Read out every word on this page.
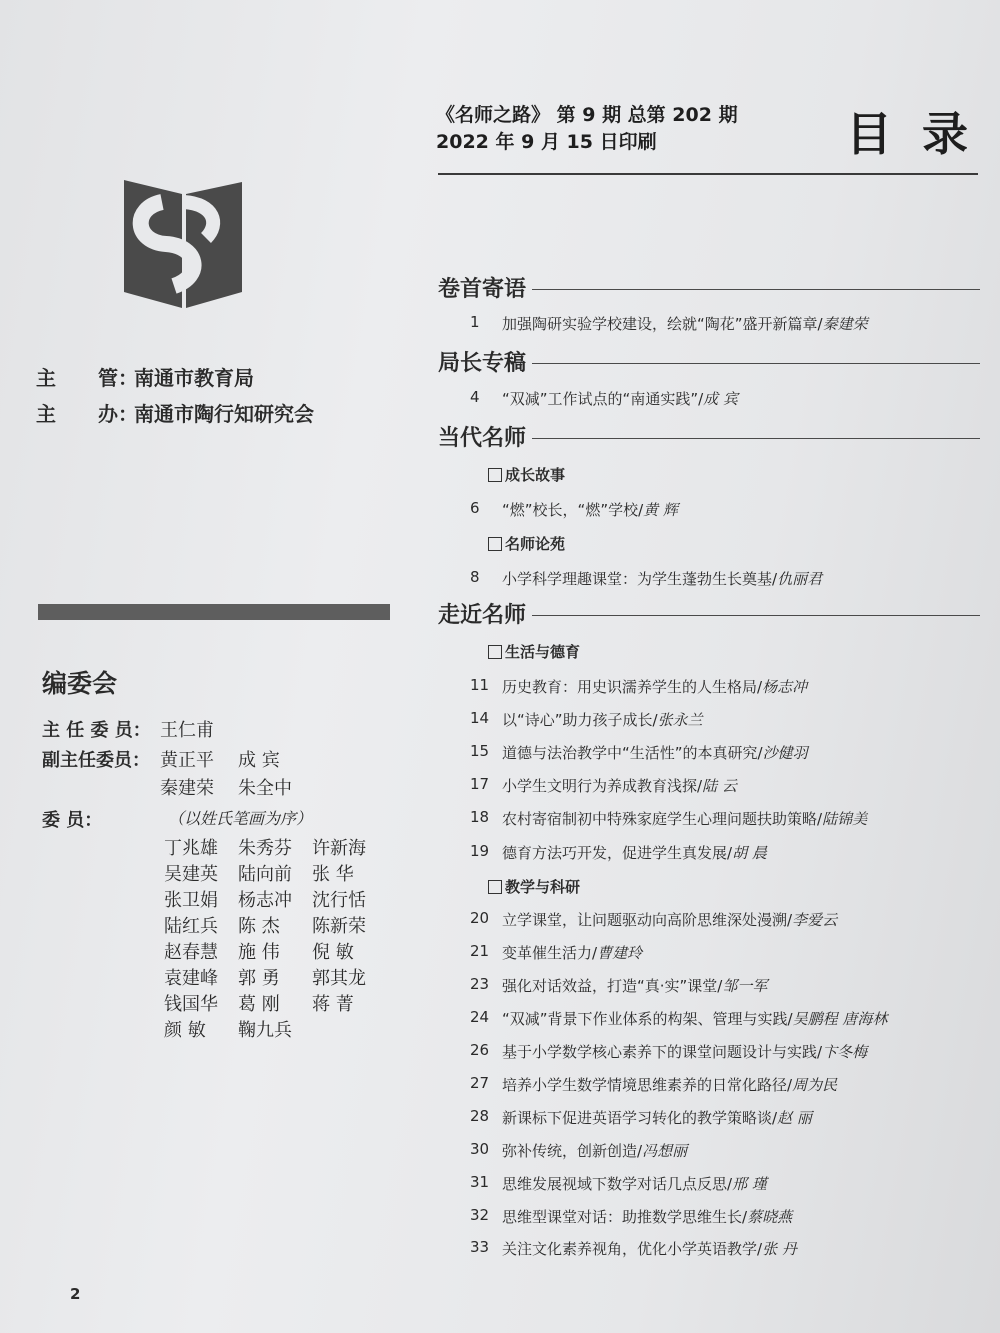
《名师之路》 第 9 期 总第 202 期
2022 年 9 月 15 日印刷	目录
主 管：南通市教育局
主 办：南通市陶行知研究会
编委会
主 任 委 员： 王仁甫
副主任委员： 黄正平 成 宾
秦建荣 朱全中
委 员：	（以姓氏笔画为序）
丁兆雄 朱秀芬 许新海
吴建英 陆向前 张 华
张卫娟 杨志冲 沈行恬
陆红兵 陈 杰 陈新荣
赵春慧 施 伟 倪 敏
袁建峰 郭 勇 郭其龙
钱国华 葛 刚 蒋 菁
颜 敏 鞠九兵
卷首寄语
局长专稿
当代名师
走近名师
成长故事
名师论苑
生活与德育
教学与科研
1	加强陶研实验学校建设，绘就“陶花”盛开新篇章/秦建荣
4	“双减”工作试点的“南通实践”/成 宾
6	“燃”校长，“燃”学校/黄 辉
8	小学科学理趣课堂：为学生蓬勃生长奠基/仇丽君
11 历史教育：用史识濡养学生的人生格局/杨志冲
14 以“诗心”助力孩子成长/张永兰
15 道德与法治教学中“生活性”的本真研究/沙健羽
17 小学生文明行为养成教育浅探/陆 云
18 农村寄宿制初中特殊家庭学生心理问题扶助策略/陆锦美
19 德育方法巧开发，促进学生真发展/胡 晨
20 立学课堂，让问题驱动向高阶思维深处漫溯/李爱云
21 变革催生活力/曹建玲
23 强化对话效益，打造“真·实”课堂/邹一军
24 “双减”背景下作业体系的构架、管理与实践/吴鹏程 唐海林
26 基于小学数学核心素养下的课堂问题设计与实践/卞冬梅
27 培养小学生数学情境思维素养的日常化路径/周为民
28 新课标下促进英语学习转化的教学策略谈/赵 丽
30 弥补传统，创新创造/冯想丽
31 思维发展视域下数学对话几点反思/邢 瑾
32 思维型课堂对话：助推数学思维生长/蔡晓燕
33 关注文化素养视角，优化小学英语教学/张 丹
2
